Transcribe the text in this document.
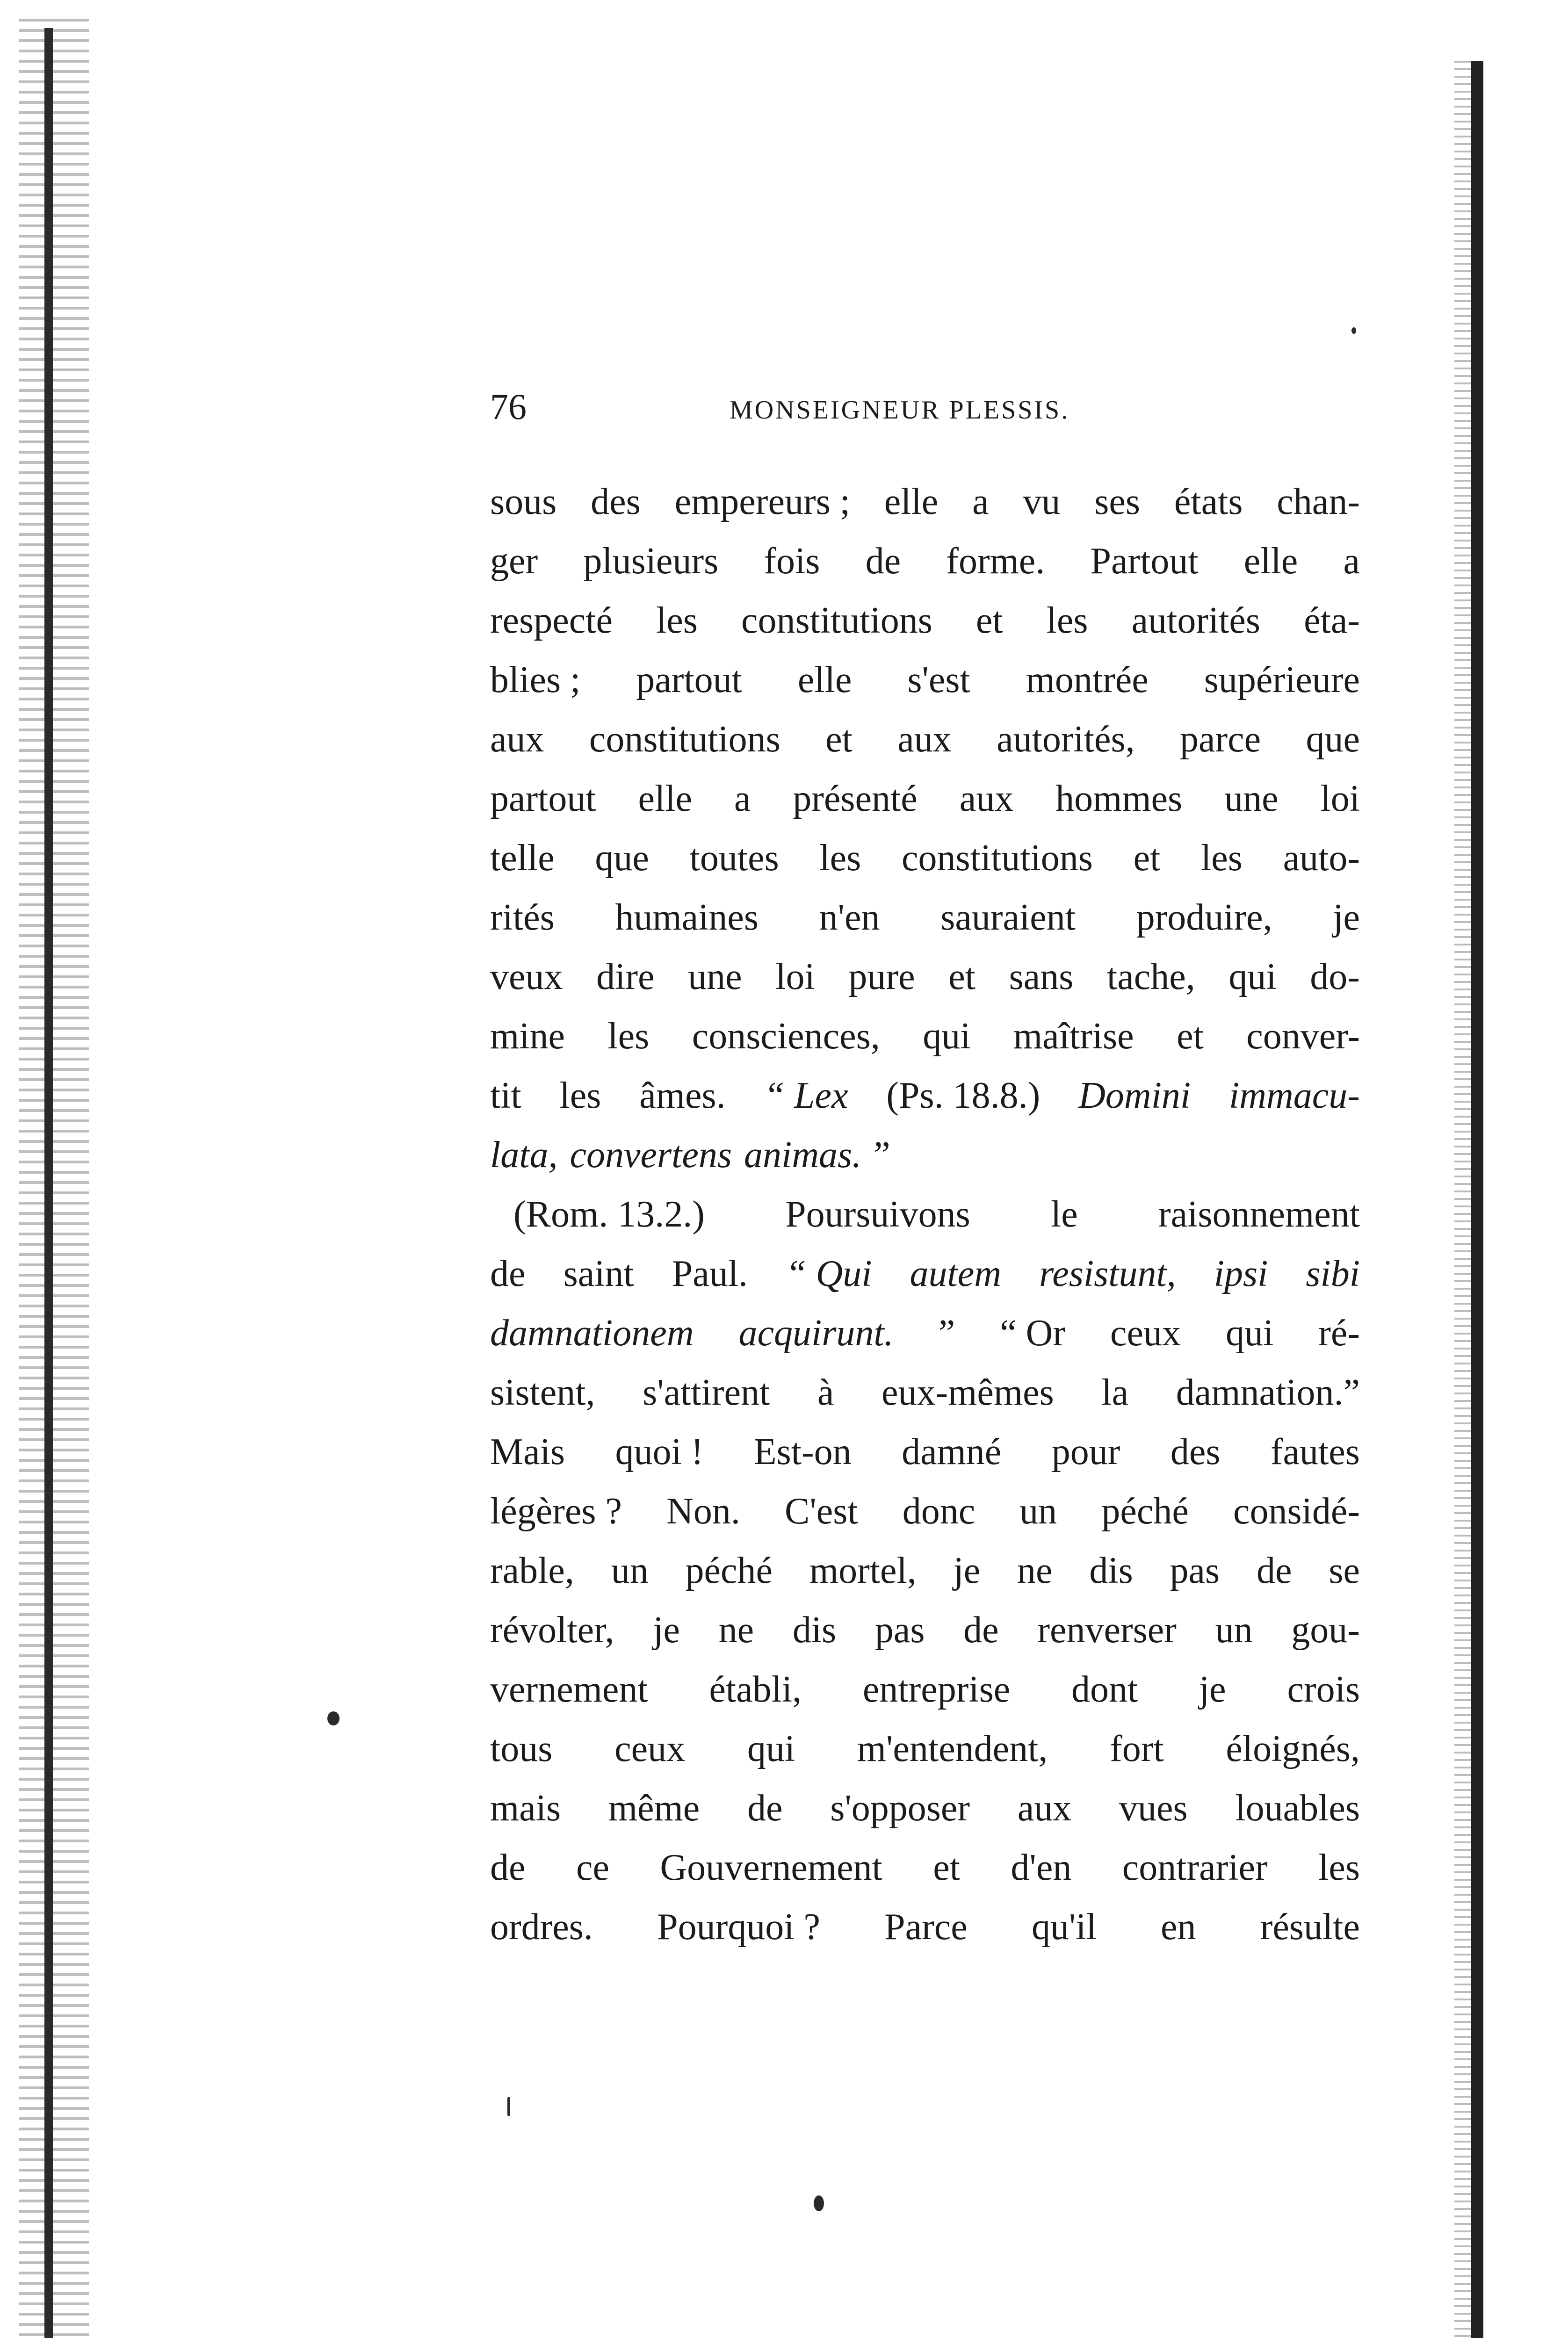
76	MONSEIGNEUR PLESSIS.
sous des empereurs ; elle a vu ses états chan-
ger plusieurs fois de forme. Partout elle a
respecté les constitutions et les autorités éta-
blies ; partout elle s'est montrée supérieure
aux constitutions et aux autorités, parce que
partout elle a présenté aux hommes une loi
telle que toutes les constitutions et les auto-
rités humaines n'en sauraient produire, je
veux dire une loi pure et sans tache, qui do-
mine les consciences, qui maîtrise et conver-
tit les âmes. “ Lex (Ps. 18.8.) Domini immacu-
lata, convertens animas. ”
(Rom. 13.2.) Poursuivons le raisonnement
de saint Paul. “ Qui autem resistunt, ipsi sibi
damnationem acquirunt. ” “ Or ceux qui ré-
sistent, s'attirent à eux-mêmes la damnation.”
Mais quoi ! Est-on damné pour des fautes
légères ? Non. C'est donc un péché considé-
rable, un péché mortel, je ne dis pas de se
révolter, je ne dis pas de renverser un gou-
vernement établi, entreprise dont je crois
tous ceux qui m'entendent, fort éloignés,
mais même de s'opposer aux vues louables
de ce Gouvernement et d'en contrarier les
ordres. Pourquoi ? Parce qu'il en résulte
